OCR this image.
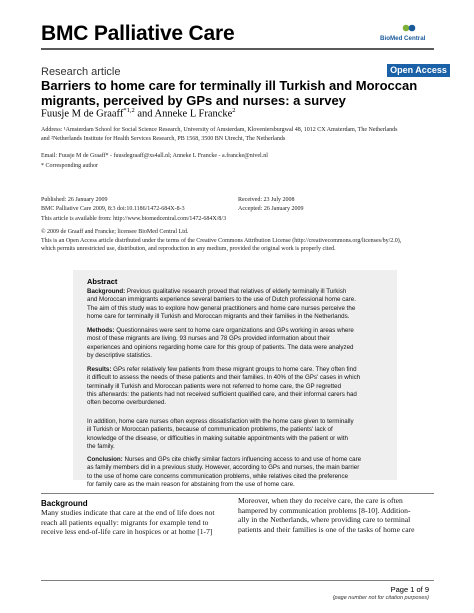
BMC Palliative Care	BioMed Central
Research article	Open Access
Barriers to home care for terminally ill Turkish and Moroccan
migrants, perceived by GPs and nurses: a survey
Fuusje M de Graaff$^{*1,2}$ and Anneke L Francke$^2$
Address: ¹Amsterdam School for Social Science Research, University of Amsterdam, Kloveniersburgwal 48, 1012 CX Amsterdam, The Netherlands
and ²Netherlands Institute for Health Services Research, PB 1568, 3500 BN Utrecht, The Netherlands
Email: Fuusje M de Graaff* - fuusdegraaff@xs4all.nl; Anneke L Francke - a.francke@nivel.nl
* Corresponding author
Published: 26 January 2009
BMC Palliative Care 2009, 8:3 doi:10.1186/1472-684X-8-3
Received: 23 July 2008
Accepted: 26 January 2009
This article is available from: http://www.biomedcentral.com/1472-684X/8/3
© 2009 de Graaff and Francke; licensee BioMed Central Ltd.
This is an Open Access article distributed under the terms of the Creative Commons Attribution License (http://creativecommons.org/licenses/by/2.0),
which permits unrestricted use, distribution, and reproduction in any medium, provided the original work is properly cited.
Abstract
Background: Previous qualitative research proved that relatives of elderly terminally ill Turkish
and Moroccan immigrants experience several barriers to the use of Dutch professional home care.
The aim of this study was to explore how general practitioners and home care nurses perceive the
home care for terminally ill Turkish and Moroccan migrants and their families in the Netherlands.
Methods: Questionnaires were sent to home care organizations and GPs working in areas where
most of these migrants are living. 93 nurses and 78 GPs provided information about their
experiences and opinions regarding home care for this group of patients. The data were analyzed
by descriptive statistics.
Results: GPs refer relatively few patients from these migrant groups to home care. They often find
it difficult to assess the needs of these patients and their families. In 40% of the GPs' cases in which
terminally ill Turkish and Moroccan patients were not referred to home care, the GP regretted
this afterwards: the patients had not received sufficient qualified care, and their informal carers had
often become overburdened.
In addition, home care nurses often express dissatisfaction with the home care given to terminally
ill Turkish or Moroccan patients, because of communication problems, the patients' lack of
knowledge of the disease, or difficulties in making suitable appointments with the patient or with
the family.
Conclusion: Nurses and GPs cite chiefly similar factors influencing access to and use of home care
as family members did in a previous study. However, according to GPs and nurses, the main barrier
to the use of home care concerns communication problems, while relatives cited the preference
for family care as the main reason for abstaining from the use of home care.
Background
Many studies indicate that care at the end of life does not
reach all patients equally: migrants for example tend to
receive less end-of-life care in hospices or at home [1-7]
Moreover, when they do receive care, the care is often
hampered by communication problems [8-10]. Addition-
ally in the Netherlands, where providing care to terminal
patients and their families is one of the tasks of home care
Page 1 of 9
(page number not for citation purposes)
